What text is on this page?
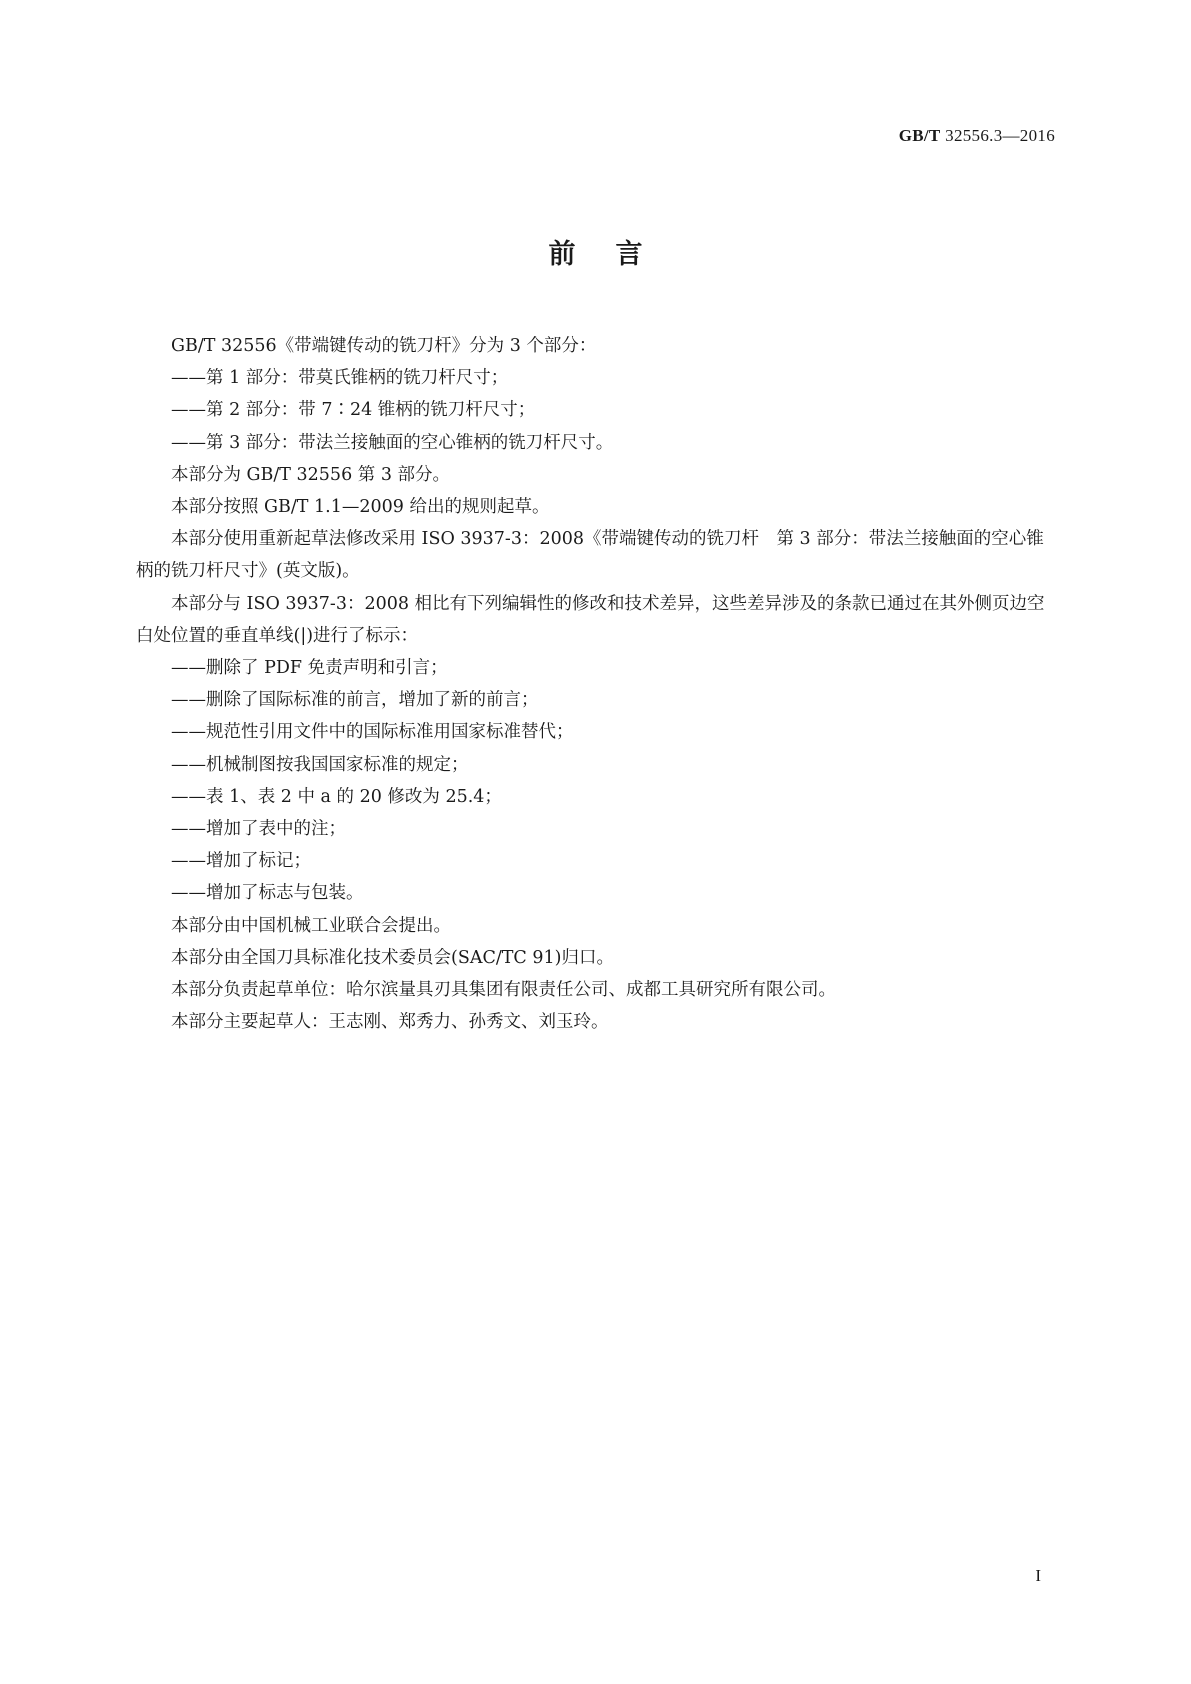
GB/T 32556.3—2016
前言

GB/T 32556《带端键传动的铣刀杆》分为 3 个部分：

——第 1 部分：带莫氏锥柄的铣刀杆尺寸；

——第 2 部分：带 7∶24 锥柄的铣刀杆尺寸；

——第 3 部分：带法兰接触面的空心锥柄的铣刀杆尺寸。

本部分为 GB/T 32556 第 3 部分。

本部分按照 GB/T 1.1—2009 给出的规则起草。

本部分使用重新起草法修改采用 ISO 3937-3：2008《带端键传动的铣刀杆　第 3 部分：带法兰接触面的空心锥柄的铣刀杆尺寸》(英文版)。

本部分与 ISO 3937-3：2008 相比有下列编辑性的修改和技术差异，这些差异涉及的条款已通过在其外侧页边空白处位置的垂直单线(|)进行了标示：

——删除了 PDF 免责声明和引言；

——删除了国际标准的前言，增加了新的前言；

——规范性引用文件中的国际标准用国家标准替代；

——机械制图按我国国家标准的规定；

——表 1、表 2 中 a 的 20 修改为 25.4；

——增加了表中的注；

——增加了标记；

——增加了标志与包装。

本部分由中国机械工业联合会提出。

本部分由全国刀具标准化技术委员会(SAC/TC 91)归口。

本部分负责起草单位：哈尔滨量具刃具集团有限责任公司、成都工具研究所有限公司。

本部分主要起草人：王志刚、郑秀力、孙秀文、刘玉玲。

I
